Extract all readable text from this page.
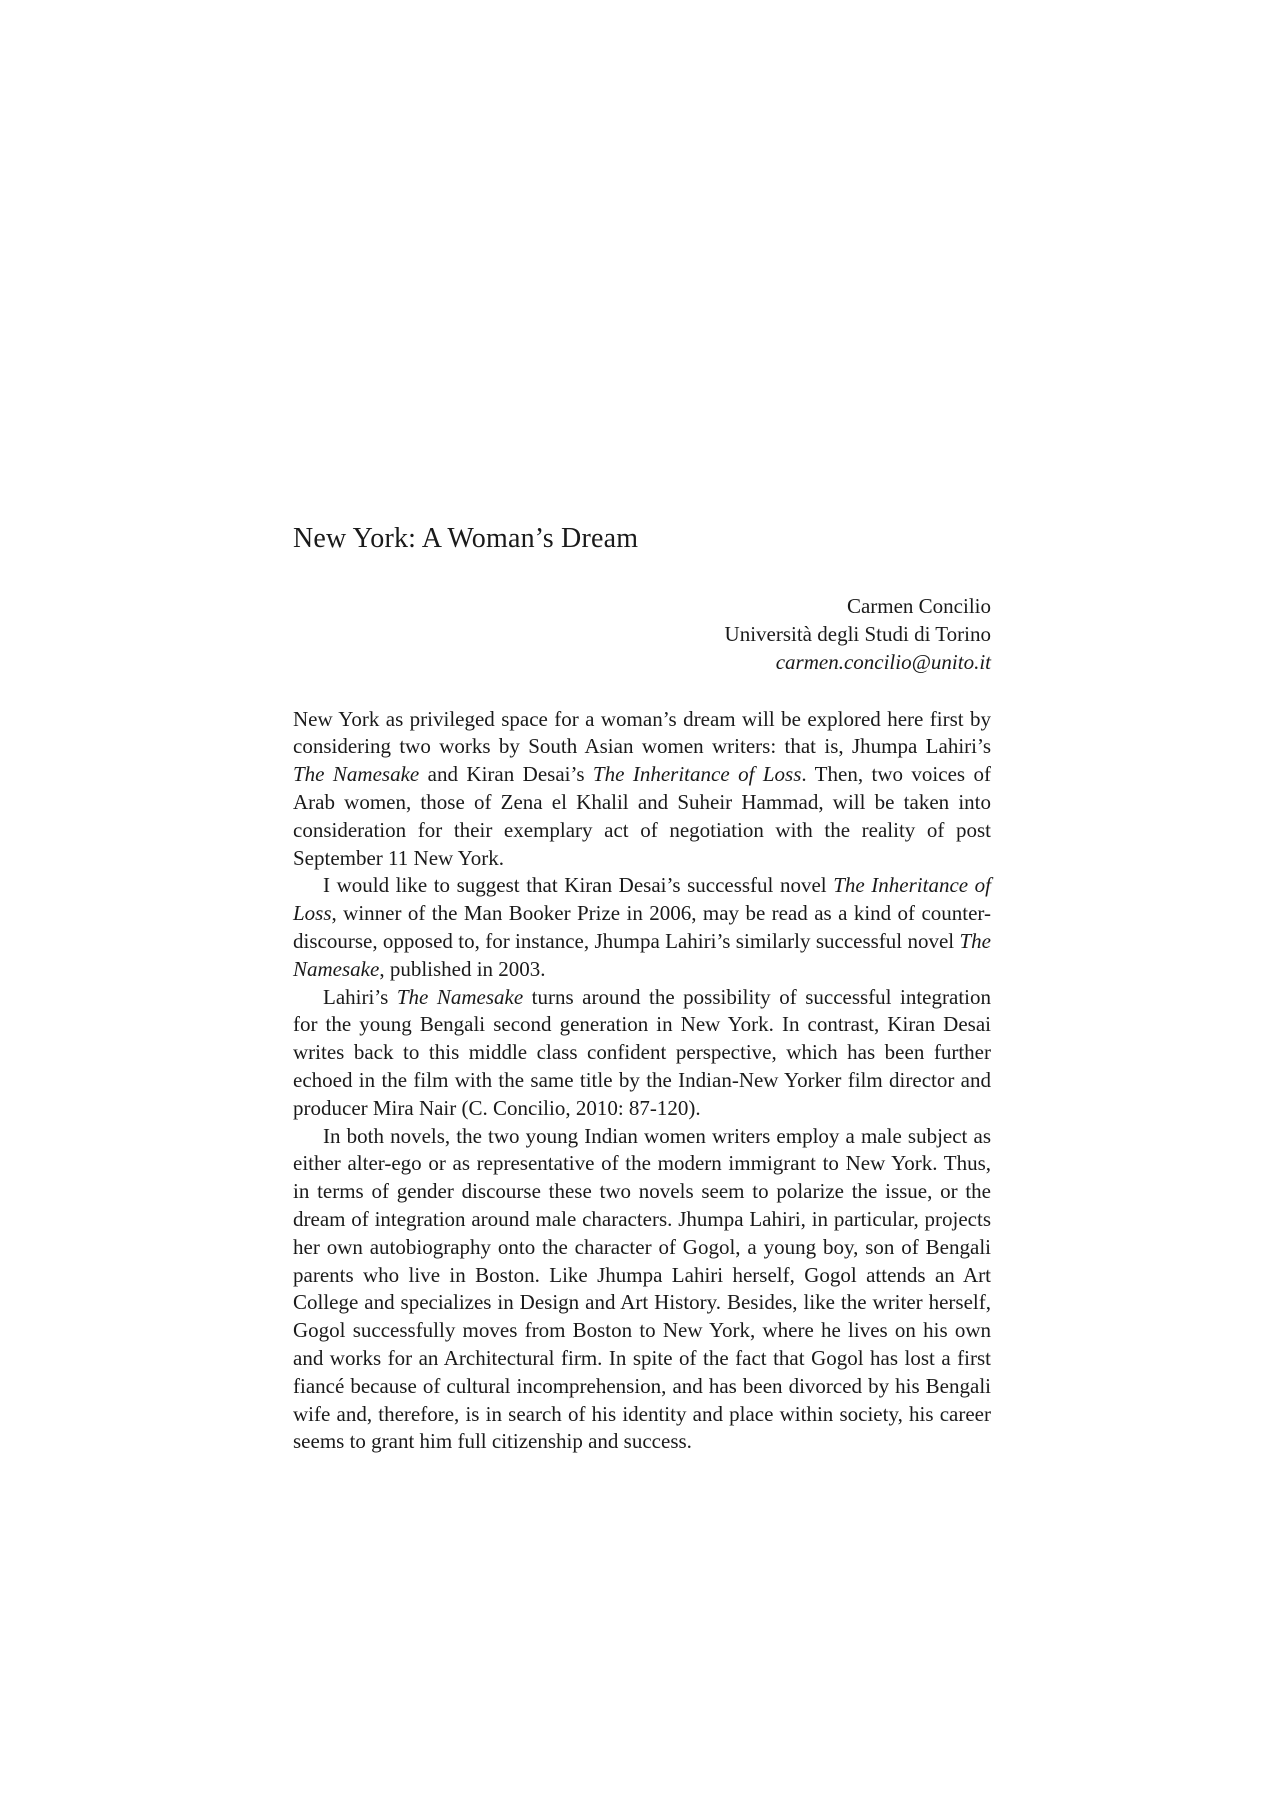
New York: A Woman’s Dream
Carmen Concilio
Università degli Studi di Torino
carmen.concilio@unito.it

New York as privileged space for a woman’s dream will be explored here first by considering two works by South Asian women writers: that is, Jhumpa Lahiri’s The Namesake and Kiran Desai’s The Inheritance of Loss. Then, two voices of Arab women, those of Zena el Khalil and Suheir Hammad, will be taken into consideration for their exemplary act of negotiation with the reality of post September 11 New York.

I would like to suggest that Kiran Desai’s successful novel The Inheritance of Loss, winner of the Man Booker Prize in 2006, may be read as a kind of counter-discourse, opposed to, for instance, Jhumpa Lahiri’s similarly successful novel The Namesake, published in 2003.

Lahiri’s The Namesake turns around the possibility of successful integration for the young Bengali second generation in New York. In contrast, Kiran Desai writes back to this middle class confident perspective, which has been further echoed in the film with the same title by the Indian-New Yorker film director and producer Mira Nair (C. Concilio, 2010: 87-120).

In both novels, the two young Indian women writers employ a male subject as either alter-ego or as representative of the modern immigrant to New York. Thus, in terms of gender discourse these two novels seem to polarize the issue, or the dream of integration around male characters. Jhumpa Lahiri, in particular, projects her own autobiography onto the character of Gogol, a young boy, son of Bengali parents who live in Boston. Like Jhumpa Lahiri herself, Gogol attends an Art College and specializes in Design and Art History. Besides, like the writer herself, Gogol successfully moves from Boston to New York, where he lives on his own and works for an Architectural firm. In spite of the fact that Gogol has lost a first fiancé because of cultural incomprehension, and has been divorced by his Bengali wife and, therefore, is in search of his identity and place within society, his career seems to grant him full citizenship and success.
